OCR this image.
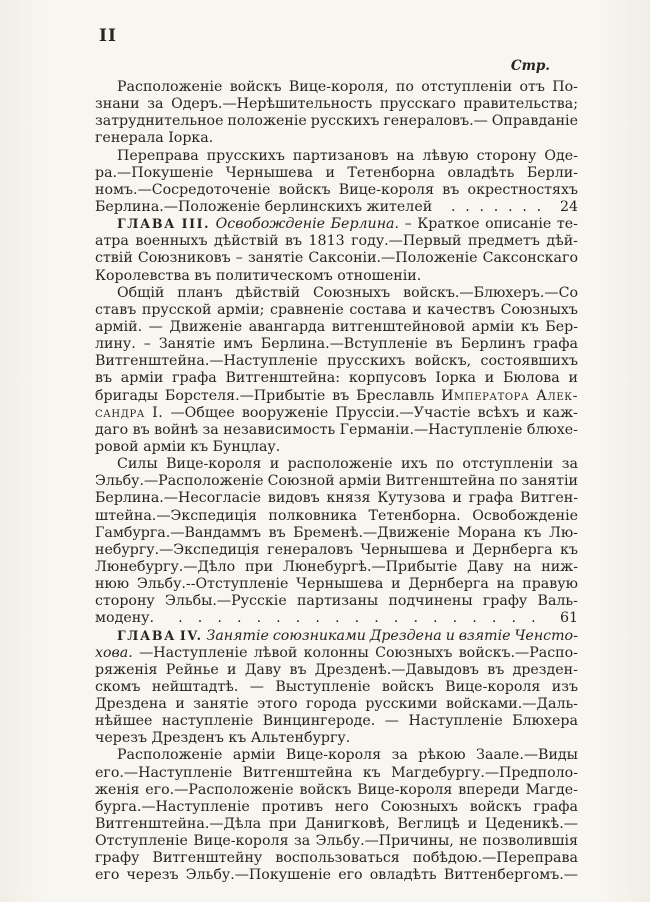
II
Стр.
Расположеніе войскъ Вице-короля, по отступленіи отъ По-
знани за Одеръ.—Нерѣшительность прусскаго правительства;
затруднительное положеніе русскихъ генераловъ.— Оправданіе
генерала Іорка.
Переправа прусскихъ партизановъ на лѣвую сторону Оде-
ра.—Покушеніе Чернышева и Тетенборна овладѣть Берли-
номъ.—Сосредоточеніе войскъ Вице-короля въ окрестностяхъ
Берлина.—Положеніе берлинскихъ жителей . . . . . . . 24
ГЛАВА III. Освобожденіе Берлина. – Краткое описаніе те-
атра военныхъ дѣйствій въ 1813 году.—Первый предметъ дѣй-
ствій Союзниковъ – занятіе Саксоніи.—Положеніе Саксонскаго
Королевства въ политическомъ отношеніи.
Общій планъ дѣйствій Союзныхъ войскъ.—Блюхеръ.—Со
ставъ прусской арміи; сравненіе состава и качествъ Союзныхъ
армій. — Движеніе авангарда витгенштейновой арміи къ Бер-
лину. – Занятіе имъ Берлина.—Вступленіе въ Берлинъ графа
Витгенштейна.—Наступленіе прусскихъ войскъ, состоявшихъ
въ арміи графа Витгенштейна: корпусовъ Іорка и Бюлова и
бригады Борстеля.—Прибытіе въ Бреславль Императора Алек-
сандра I. —Общее вооруженіе Пруссіи.—Участіе всѣхъ и каж-
даго въ войнѣ за независимость Германіи.—Наступленіе блюхе-
ровой арміи къ Бунцлау.
Силы Вице-короля и расположеніе ихъ по отступленіи за
Эльбу.—Расположеніе Союзной арміи Витгенштейна по занятіи
Берлина.—Несогласіе видовъ князя Кутузова и графа Витген-
штейна.—Экспедиція полковника Тетенборна. Освобожденіе
Гамбурга.—Вандаммъ въ Бременѣ.—Движеніе Морана къ Лю-
небургу.—Экспедиція генераловъ Чернышева и Дернберга къ
Люнебургу.—Дѣло при Люнебургѣ.—Прибытіе Даву на ниж-
нюю Эльбу.--Отступленіе Чернышева и Дернберга на правую
сторону Эльбы.—Русскіе партизаны подчинены графу Валь-
модену. . . . . . . . . . . . . . . . . . . . 61
ГЛАВА IV. Занятіе союзниками Дрездена и взятіе Ченсто-
хова. —Наступленіе лѣвой колонны Союзныхъ войскъ.—Распо-
ряженія Рейнье и Даву въ Дрезденѣ.—Давыдовъ въ дрезден-
скомъ нейштадтѣ. — Выступленіе войскъ Вице-короля изъ
Дрездена и занятіе этого города русскими войсками.—Даль-
нѣйшее наступленіе Винцингероде. — Наступленіе Блюхера
черезъ Дрезденъ къ Альтенбургу.
Расположеніе арміи Вице-короля за рѣкою Заале.—Виды
его.—Наступленіе Витгенштейна къ Магдебургу.—Предполо-
женія его.—Расположеніе войскъ Вице-короля впереди Магде-
бурга.—Наступленіе противъ него Союзныхъ войскъ графа
Витгенштейна.—Дѣла при Данигковѣ, Веглицѣ и Цеденикѣ.—
Отступленіе Вице-короля за Эльбу.—Причины, не позволившія
графу Витгенштейну воспользоваться побѣдою.—Переправа
его черезъ Эльбу.—Покушеніе его овладѣть Виттенбергомъ.—
